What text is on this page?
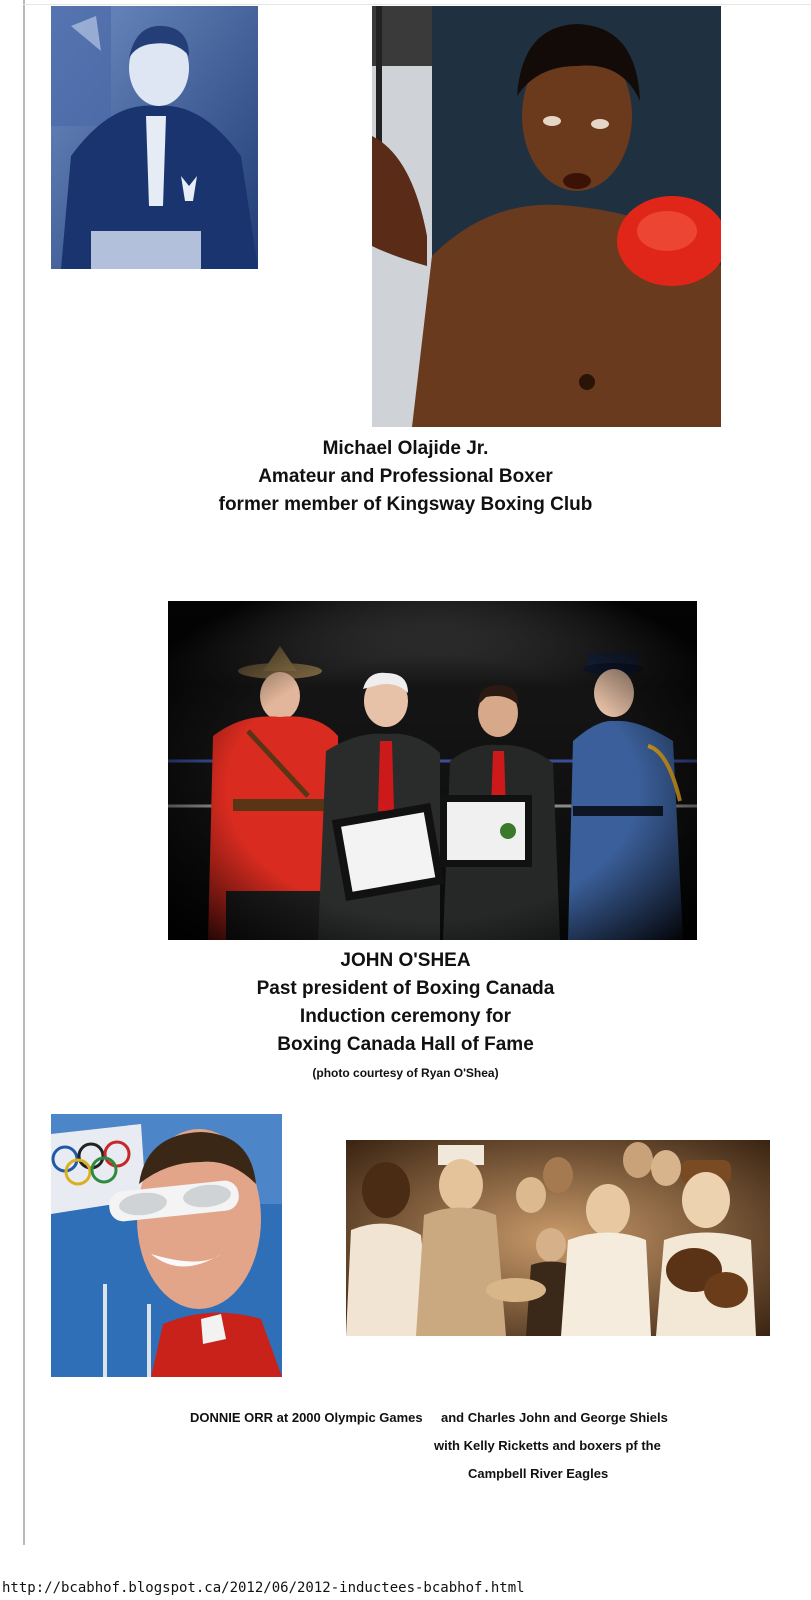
Michael Olajide Jr.
Amateur and Professional Boxer
former member of Kingsway Boxing Club
JOHN O'SHEA
Past president of Boxing Canada
Induction ceremony for
Boxing Canada Hall of Fame
(photo courtesy of Ryan O'Shea)
DONNIE ORR at 2000 Olympic Games and Charles John and George Shiels
with Kelly Ricketts and boxers pf the
Campbell River Eagles
http://bcabhof.blogspot.ca/2012/06/2012-inductees-bcabhof.html
